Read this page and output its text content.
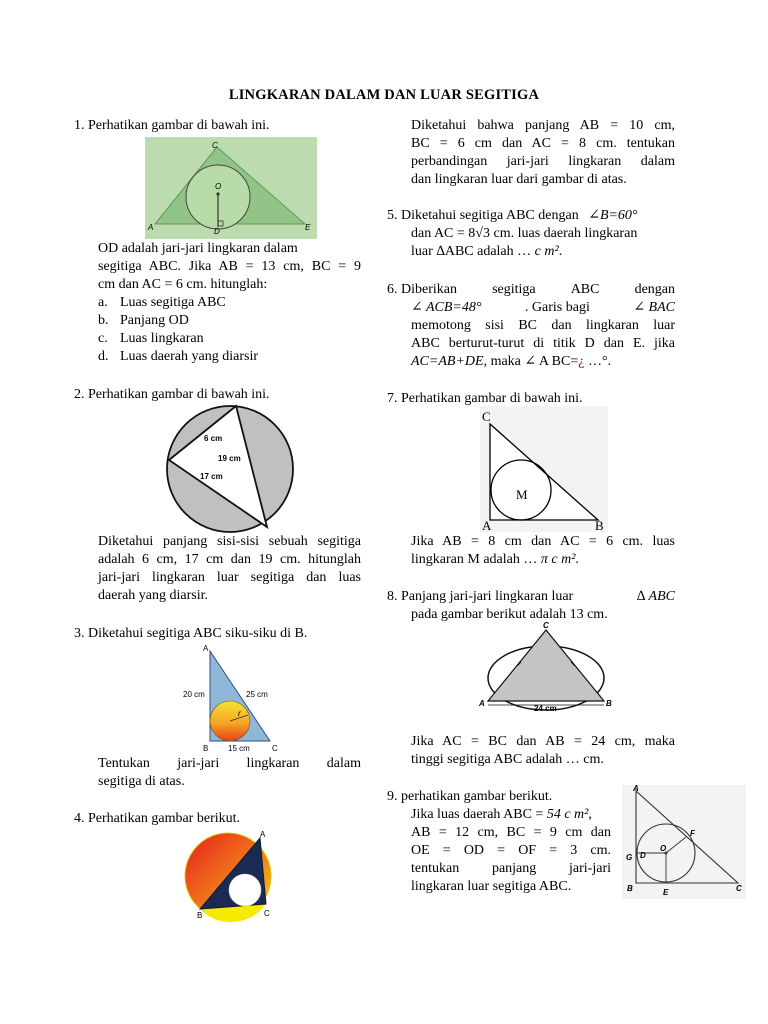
LINGKARAN DALAM DAN LUAR SEGITIGA
1. Perhatikan gambar di bawah ini.
C
O
A	D	E
OD adalah jari-jari lingkaran dalam
segitiga ABC. Jika AB = 13 cm, BC = 9
cm dan AC = 6 cm. hitunglah:
a. Luas segitiga ABC
b. Panjang OD
c. Luas lingkaran
d. Luas daerah yang diarsir
2. Perhatikan gambar di bawah ini.
6 cm
19 cm
17 cm
Diketahui panjang sisi-sisi sebuah segitiga
adalah 6 cm, 17 cm dan 19 cm. hitunglah
jari-jari lingkaran luar segitiga dan luas
daerah yang diarsir.
3. Diketahui segitiga ABC siku-siku di B.
r
A
20 cm	25 cm
B 15 cm	C
Tentukan jari-jari lingkaran dalam
segitiga di atas.
4. Perhatikan gambar berikut.
A
B	C
Diketahui bahwa panjang AB = 10 cm,
BC = 6 cm dan AC = 8 cm. tentukan
perbandingan jari-jari lingkaran dalam
dan lingkaran luar dari gambar di atas.
5. Diketahui segitiga ABC dengan ∠B=60°
dan AC = 8√3 cm. luas daerah lingkaran
luar ∆ABC adalah … c m².
6. Diberikan	segitiga	ABC	dengan
∠ ACB=48°	. Garis bagi	∠ BAC
memotong sisi BC dan lingkaran luar
ABC berturut-turut di titik D dan E. jika
AC=AB+DE, maka ∠ A BC=¿ …°.
7. Perhatikan gambar di bawah ini.
C
M
A	B
Jika AB = 8 cm dan AC = 6 cm. luas
lingkaran M adalah … π c m².
8. Panjang jari-jari lingkaran luar	∆ ABC
pada gambar berikut adalah 13 cm.
C
A	B
24 cm
Jika AC = BC dan AB = 24 cm, maka
tinggi segitiga ABC adalah … cm.
9. perhatikan gambar berikut.
Jika luas daerah ABC = 54 c m²,
AB = 12 cm, BC = 9 cm dan
OE = OD = OF = 3 cm.
tentukan panjang jari-jari
lingkaran luar segitiga ABC.
A
F
O
G D
B	E	C
